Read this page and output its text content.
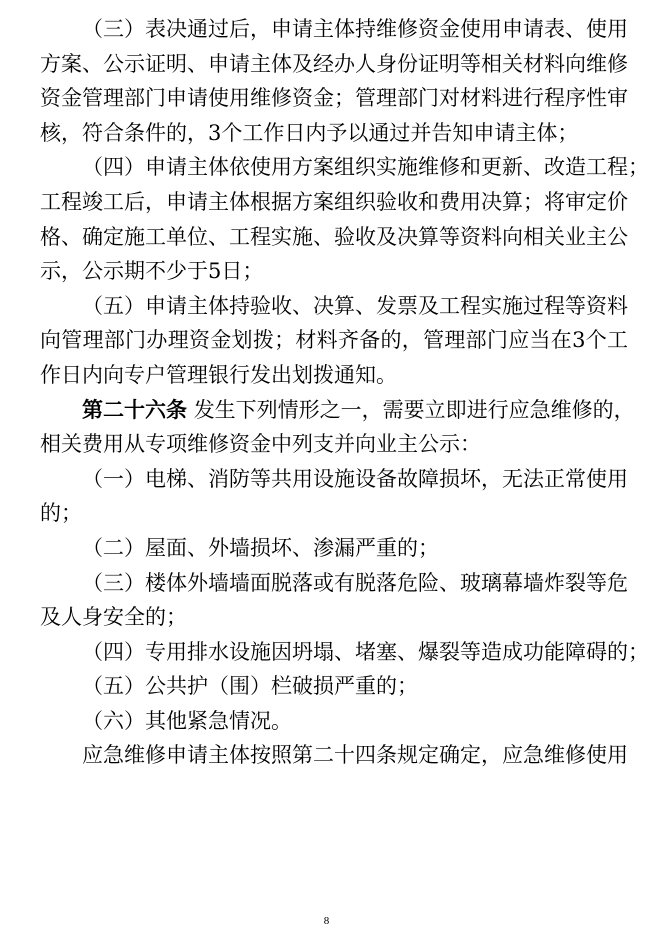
（三）表决通过后，申请主体持维修资金使用申请表、使用
方案、公示证明、申请主体及经办人身份证明等相关材料向维修
资金管理部门申请使用维修资金；管理部门对材料进行程序性审
核，符合条件的，3个工作日内予以通过并告知申请主体；
（四）申请主体依使用方案组织实施维修和更新、改造工程；
工程竣工后，申请主体根据方案组织验收和费用决算；将审定价
格、确定施工单位、工程实施、验收及决算等资料向相关业主公
示，公示期不少于5日；
（五）申请主体持验收、决算、发票及工程实施过程等资料
向管理部门办理资金划拨；材料齐备的，管理部门应当在3个工
作日内向专户管理银行发出划拨通知。
第二十六条 发生下列情形之一，需要立即进行应急维修的，
相关费用从专项维修资金中列支并向业主公示：
（一）电梯、消防等共用设施设备故障损坏，无法正常使用
的；
（二）屋面、外墙损坏、渗漏严重的；
（三）楼体外墙墙面脱落或有脱落危险、玻璃幕墙炸裂等危
及人身安全的；
（四）专用排水设施因坍塌、堵塞、爆裂等造成功能障碍的；
（五）公共护（围）栏破损严重的；
（六）其他紧急情况。
应急维修申请主体按照第二十四条规定确定，应急维修使用
8
